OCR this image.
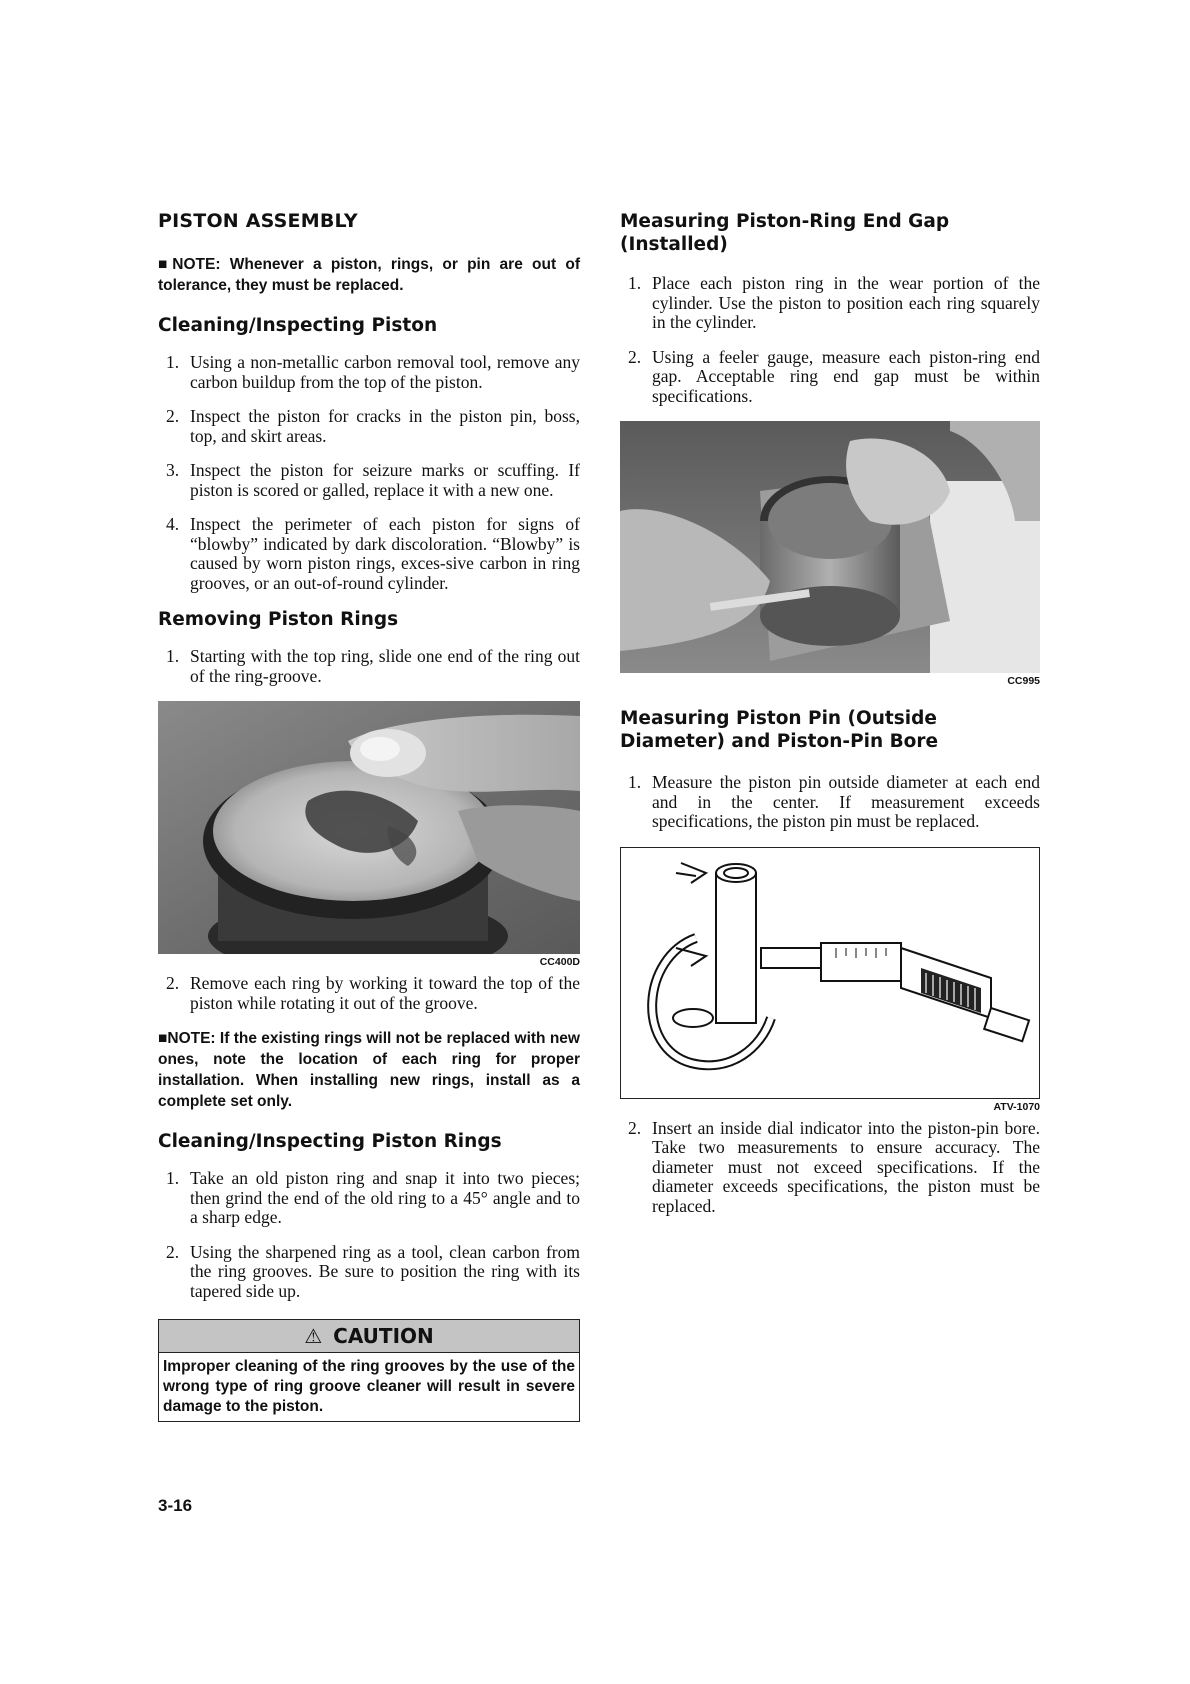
PISTON ASSEMBLY

■NOTE: Whenever a piston, rings, or pin are out of tolerance, they must be replaced.

Cleaning/Inspecting Piston
1. Using a non-metallic carbon removal tool, remove any carbon buildup from the top of the piston.
2. Inspect the piston for cracks in the piston pin, boss, top, and skirt areas.
3. Inspect the piston for seizure marks or scuffing. If piston is scored or galled, replace it with a new one.
4. Inspect the perimeter of each piston for signs of “blowby” indicated by dark discoloration. “Blowby” is caused by worn piston rings, exces-sive carbon in ring grooves, or an out-of-round cylinder.
Removing Piston Rings
1. Starting with the top ring, slide one end of the ring out of the ring-groove.
CC400D
2. Remove each ring by working it toward the top of the piston while rotating it out of the groove.

■NOTE: If the existing rings will not be replaced with new ones, note the location of each ring for proper installation. When installing new rings, install as a complete set only.

Cleaning/Inspecting Piston Rings
1. Take an old piston ring and snap it into two pieces; then grind the end of the old ring to a 45° angle and to a sharp edge.
2. Using the sharpened ring as a tool, clean carbon from the ring grooves. Be sure to position the ring with its tapered side up.
⚠ CAUTION
Improper cleaning of the ring grooves by the use of the wrong type of ring groove cleaner will result in severe damage to the piston.
Measuring Piston-Ring End Gap (Installed)
1. Place each piston ring in the wear portion of the cylinder. Use the piston to position each ring squarely in the cylinder.
2. Using a feeler gauge, measure each piston-ring end gap. Acceptable ring end gap must be within specifications.
CC995
Measuring Piston Pin (Outside Diameter) and Piston-Pin Bore
1. Measure the piston pin outside diameter at each end and in the center. If measurement exceeds specifications, the piston pin must be replaced.
ATV-1070
2. Insert an inside dial indicator into the piston-pin bore. Take two measurements to ensure accuracy. The diameter must not exceed specifications. If the diameter exceeds specifications, the piston must be replaced.
3-16
